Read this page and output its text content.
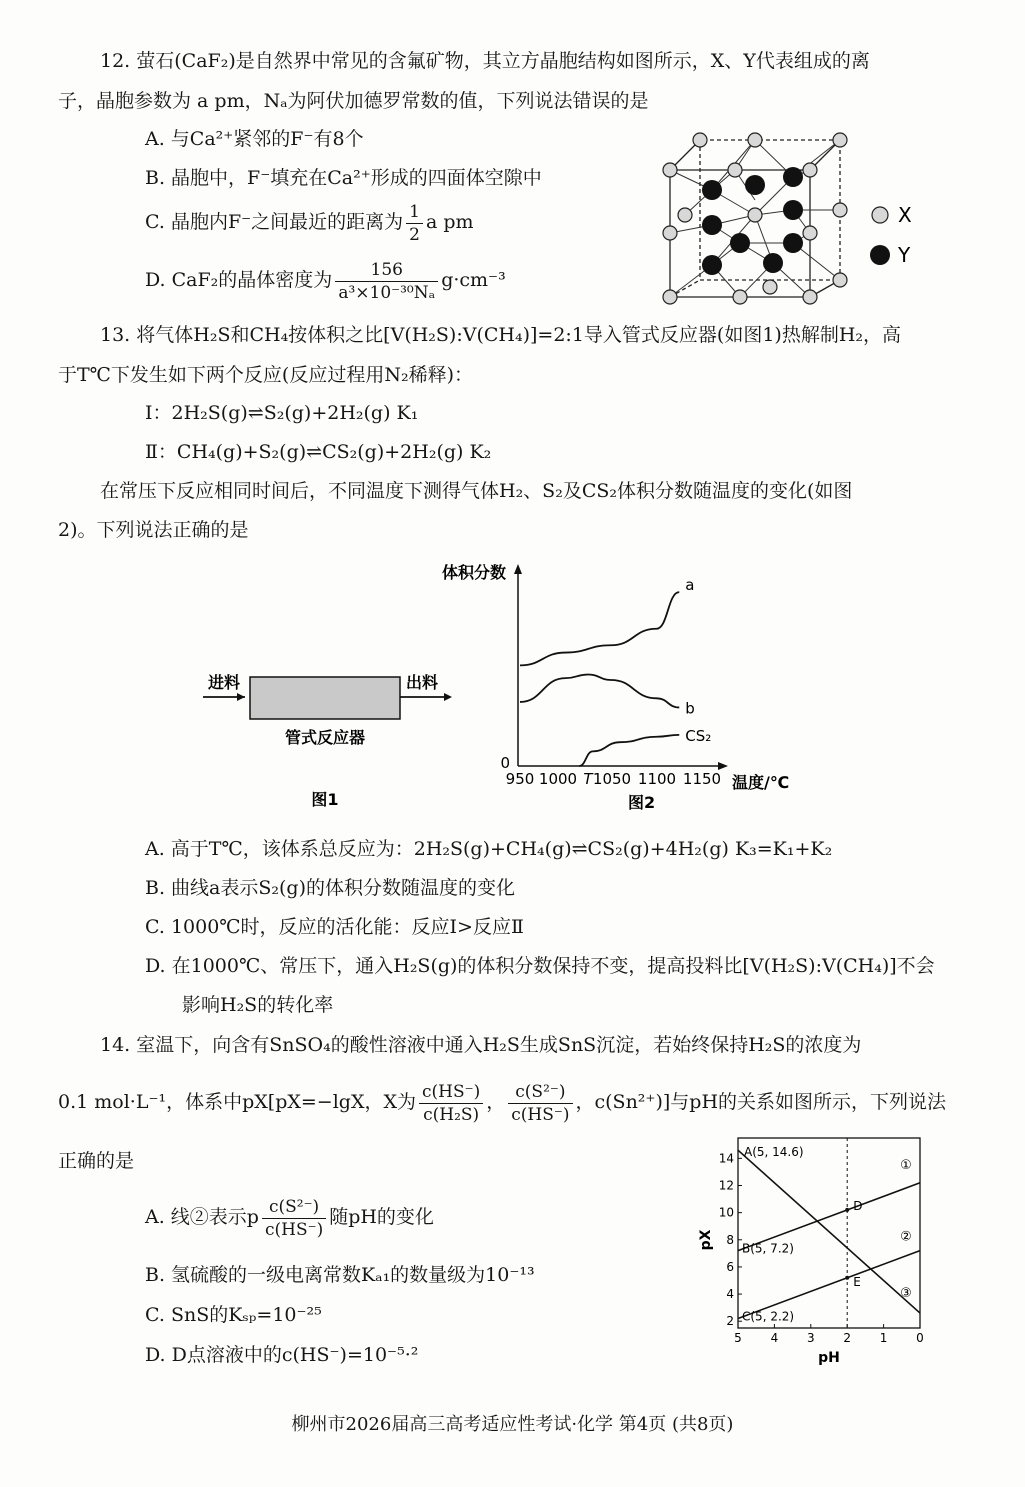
12. 萤石(CaF₂)是自然界中常见的含氟矿物，其立方晶胞结构如图所示，X、Y代表组成的离
子，晶胞参数为 a pm，Nₐ为阿伏加德罗常数的值，下列说法错误的是
A. 与Ca²⁺紧邻的F⁻有8个
B. 晶胞中，F⁻填充在Ca²⁺形成的四面体空隙中
C. 晶胞内F⁻之间最近的距离为 $\frac{1}{2}$ a pm
D. CaF₂的晶体密度为 $\frac{156}{\text{a³×10⁻³⁰Nₐ}} g\cdot cm^{-3}$
X
Y
13. 将气体H₂S和CH₄按体积之比[V(H₂S):V(CH₄)]=2:1导入管式反应器(如图1)热解制H₂，高
于T℃下发生如下两个反应(反应过程用N₂稀释)：
Ⅰ：2H₂S(g)⇌S₂(g)+2H₂(g) K₁
Ⅱ：CH₄(g)+S₂(g)⇌CS₂(g)+2H₂(g) K₂
在常压下反应相同时间后，不同温度下测得气体H₂、S₂及CS₂体积分数随温度的变化(如图
2)。下列说法正确的是
进料	出料
管式反应器
图1
体积分数
0
温度/℃
950 1000 T 1050 1100 1150
a
b
CS₂
图2
A. 高于T℃，该体系总反应为：2H₂S(g)+CH₄(g)⇌CS₂(g)+4H₂(g) K₃=K₁+K₂
B. 曲线a表示S₂(g)的体积分数随温度的变化
C. 1000℃时，反应的活化能：反应Ⅰ>反应Ⅱ
D. 在1000℃、常压下，通入H₂S(g)的体积分数保持不变，提高投料比[V(H₂S):V(CH₄)]不会
影响H₂S的转化率
14. 室温下，向含有SnSO₄的酸性溶液中通入H₂S生成SnS沉淀，若始终保持H₂S的浓度为
0.1 mol·L⁻¹，体系中pX[pX=−lgX，X为 $\frac{c(HS^-)}{\text{c(H₂S)}}$ ， $\frac{\text{c(S²⁻)}}{c(HS^-)}$ ，c(Sn²⁺)]与pH的关系如图所示，下列说法
正确的是
A. 线②表示p $\frac{\text{c(S²⁻)}}{c(HS^-)}$ 随pH的变化
B. 氢硫酸的一级电离常数Kₐ₁的数量级为10⁻¹³
C. SnS的Kₛₚ=10⁻²⁵
D. D点溶液中的c(HS⁻)=10⁻⁵·²
5 4 3 2 1 0
2
4
6
8
10
12
14	①
②
③
A(5, 14.6)
B(5, 7.2)
C(5, 2.2)
D
E
pX
pH
柳州市2026届高三高考适应性考试·化学 第4页 (共8页)
